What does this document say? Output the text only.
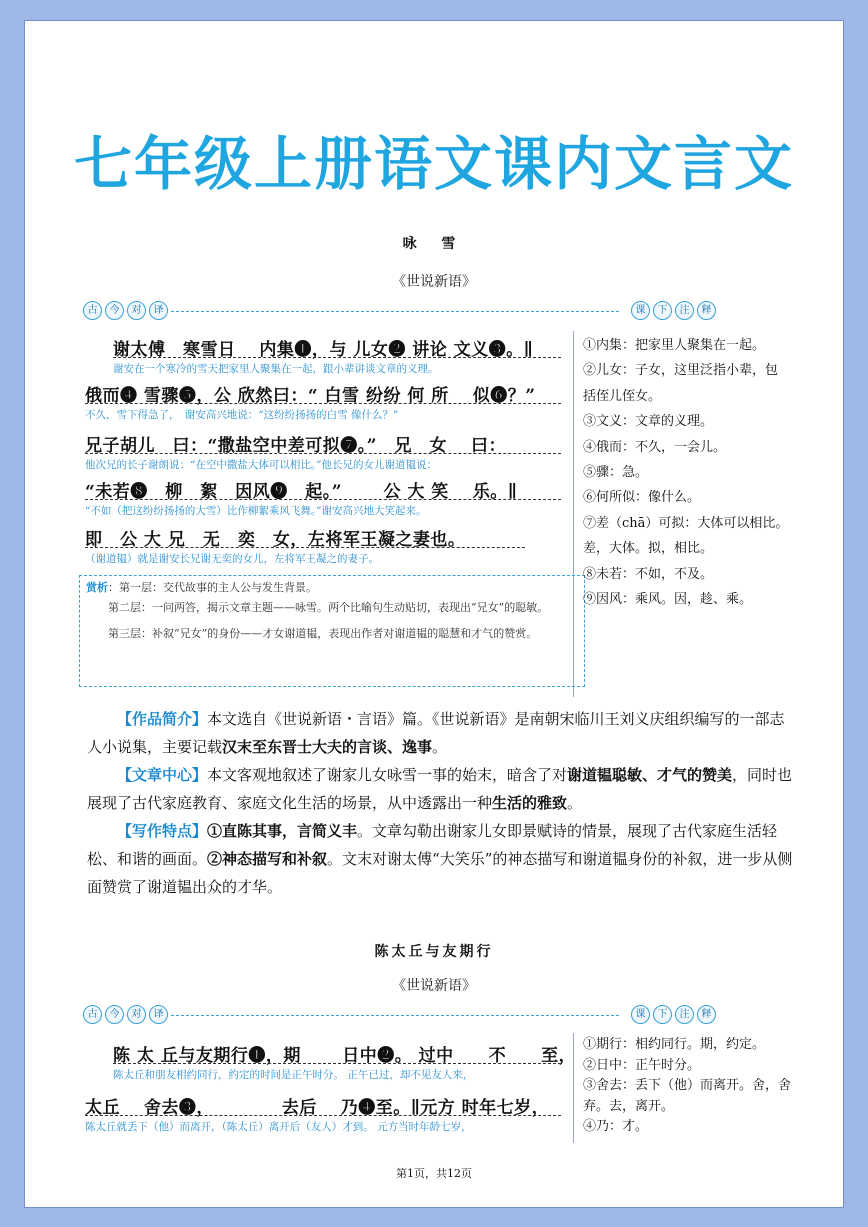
七年级上册语文课内文言文
咏 雪
《世说新语》
古	今	对	译	课	下	注	释
谢太傅　寒雪日　 内集❶，与 儿女❷ 讲论 文义❸。∥
谢安在一个寒冷的雪天把家里人聚集在一起，跟小辈讲谈文章的义理。
俄而❹ 雪骤❺，公 欣然曰：“ 白雪 纷纷 何 所 　似❻？”
不久，雪下得急了，　谢安高兴地说：“这纷纷扬扬的白雪 像什么？”
兄子胡儿　曰：“撒盐空中差可拟❼。”　兄　女　 曰：
他次兄的长子谢朗说：“在空中撒盐大体可以相比。”他长兄的女儿谢道韫说：
“未若❽　柳　絮　因风❾　起。”　　 公 大 笑 　乐。∥
“不如（把这纷纷扬扬的大雪）比作柳絮乘风飞舞。”谢安高兴地大笑起来。
即　公 大 兄　无　奕　女，左将军王凝之妻也。
（谢道韫）就是谢安长兄谢无奕的女儿，左将军王凝之的妻子。
赏析：第一层：交代故事的主人公与发生背景。
第二层：一问两答，揭示文章主题——咏雪。两个比喻句生动贴切，表现出“兄女”的聪敏。
第三层：补叙“兄女”的身份——才女谢道韫，表现出作者对谢道韫的聪慧和才气的赞赏。
①内集：把家里人聚集在一起。
②儿女：子女，这里泛指小辈，包
括侄儿侄女。
③文义：文章的义理。
④俄而：不久，一会儿。
⑤骤：急。
⑥何所似：像什么。
⑦差（chā）可拟：大体可以相比。
差，大体。拟，相比。
⑧未若：不如，不及。
⑨因风：乘风。因，趁、乘。
【作品简介】本文选自《世说新语・言语》篇。《世说新语》是南朝宋临川王刘义庆组织编写的一部志人小说集，主要记载汉末至东晋士大夫的言谈、逸事。
【文章中心】本文客观地叙述了谢家儿女咏雪一事的始末，暗含了对谢道韫聪敏、才气的赞美，同时也展现了古代家庭教育、家庭文化生活的场景，从中透露出一种生活的雅致。
【写作特点】①直陈其事，言简义丰。文章勾勒出谢家儿女即景赋诗的情景，展现了古代家庭生活轻松、和谐的画面。②神态描写和补叙。文末对谢太傅“大笑乐”的神态描写和谢道韫身份的补叙，进一步从侧面赞赏了谢道韫出众的才华。
陈太丘与友期行
《世说新语》
古	今	对	译	课	下	注	释
陈 太 丘与友期行❶，期　　 日中❷。 过中　　不　　至，
陈太丘和朋友相约同行，约定的时间是正午时分。 正午已过，却不见友人来，
太丘　 舍去❸，　　　　 去后 　乃❹至。∥元方 时年七岁，
陈太丘就丢下（他）而离开，（陈太丘）离开后（友人）才到。 元方当时年龄七岁，
①期行：相约同行。期，约定。
②日中：正午时分。
③舍去：丢下（他）而离开。舍，舍
弃。去，离开。
④乃：才。
第1页，共12页
